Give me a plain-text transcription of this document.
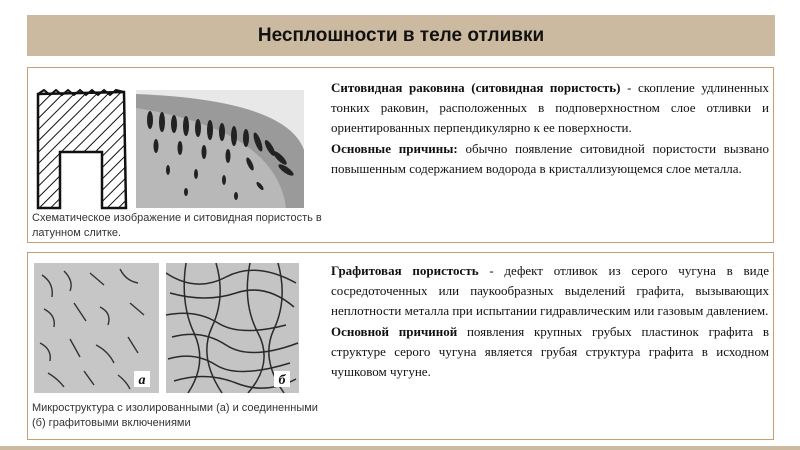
Несплошности в теле отливки
Схематическое изображение и ситовидная пористость в латунном слитке.

Ситовидная раковина (ситовидная пористость) - скопление удлиненных тонких раковин, расположенных в подповерхностном слое отливки и ориентированных перпендикулярно к ее поверхности.

Основные причины: обычно появление ситовидной пористости вызвано повышенным содержанием водорода в кристаллизующемся слое металла.

а	б
Микроструктура с изолированными (а) и соединенными (б) графитовыми включениями

Графитовая пористость - дефект отливок из серого чугуна в виде сосредоточенных или паукообразных выделений графита, вызывающих неплотности металла при испытании гидравлическим или газовым давлением.

Основной причиной появления крупных грубых пластинок графита в структуре серого чугуна является грубая структура графита в исходном чушковом чугуне.
